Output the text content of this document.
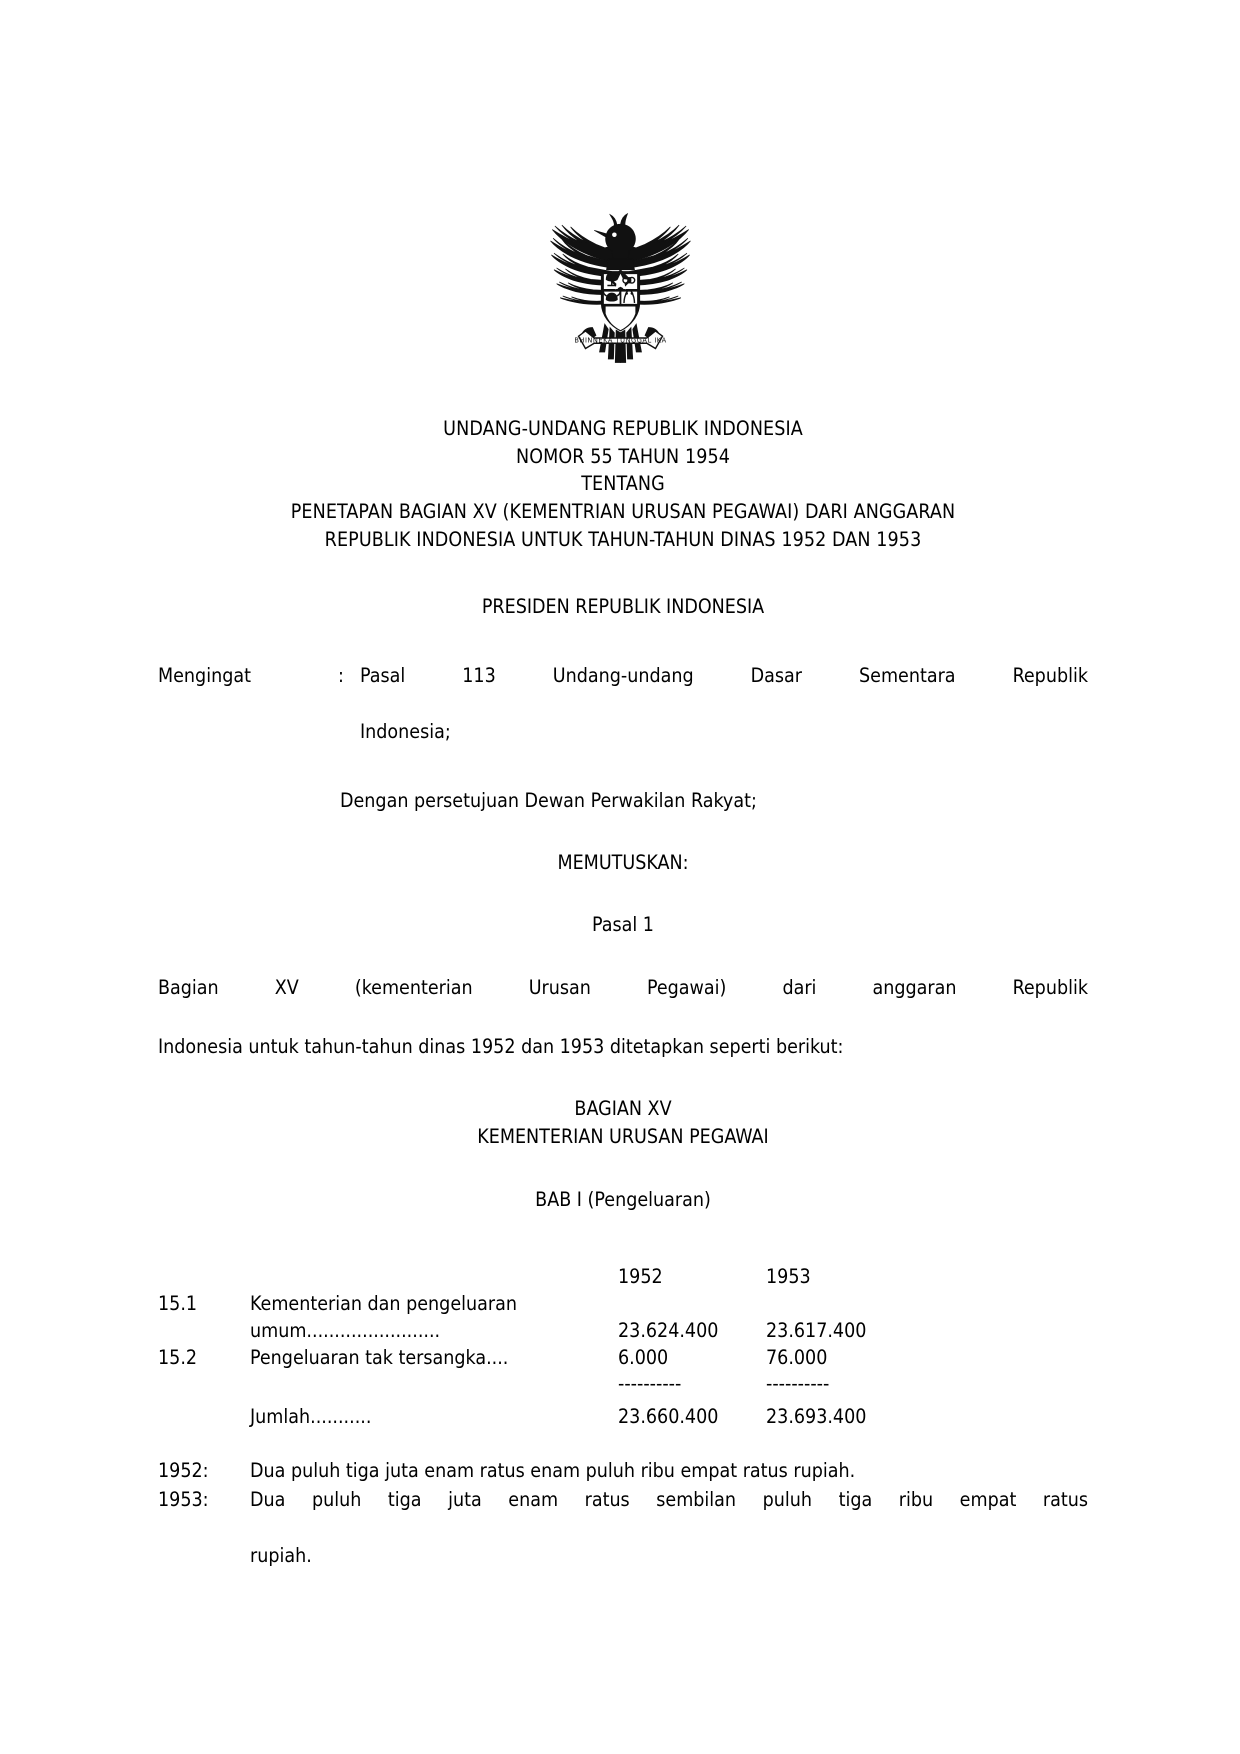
BHINNEKA TUNGGAL IKA
UNDANG-UNDANG REPUBLIK INDONESIA
NOMOR 55 TAHUN 1954
TENTANG
PENETAPAN BAGIAN XV (KEMENTRIAN URUSAN PEGAWAI) DARI ANGGARAN
REPUBLIK INDONESIA UNTUK TAHUN-TAHUN DINAS 1952 DAN 1953
PRESIDEN REPUBLIK INDONESIA
Mengingat	: Pasal 113 Undang-undang Dasar Sementara Republik
Indonesia;
Dengan persetujuan Dewan Perwakilan Rakyat;
MEMUTUSKAN:
Pasal 1
Bagian XV (kementerian Urusan Pegawai) dari anggaran Republik
Indonesia untuk tahun-tahun dinas 1952 dan 1953 ditetapkan seperti berikut:
BAGIAN XV
KEMENTERIAN URUSAN PEGAWAI
BAB I (Pengeluaran)
		1952	1953
15.1	Kementerian dan pengeluaran		
	umum........................	23.624.400	23.617.400
15.2	Pengeluaran tak tersangka....	6.000	76.000
		----------	----------

	Jumlah...........	23.660.400	23.693.400
1952:	Dua puluh tiga juta enam ratus enam puluh ribu empat ratus rupiah.
1953:	Dua puluh tiga juta enam ratus sembilan puluh tiga ribu empat ratus
rupiah.
